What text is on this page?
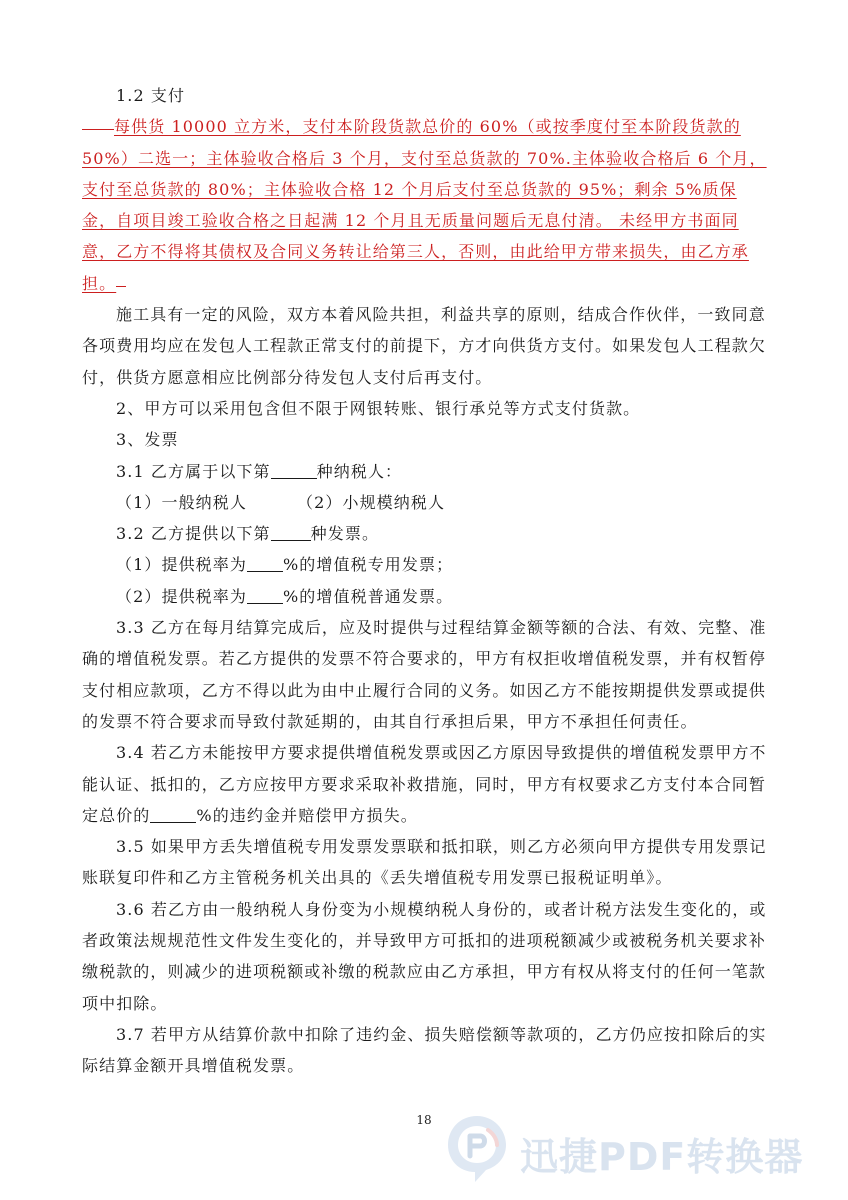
1.2 支付

每供货 10000 立方米，支付本阶段货款总价的 60%（或按季度付至本阶段货款的 50%）二选一；主体验收合格后 3 个月，支付至总货款的 70%.主体验收合格后 6 个月，支付至总货款的 80%；主体验收合格 12 个月后支付至总货款的 95%；剩余 5%质保金，自项目竣工验收合格之日起满 12 个月且无质量问题后无息付清。 未经甲方书面同意，乙方不得将其债权及合同义务转让给第三人，否则，由此给甲方带来损失，由乙方承担。

施工具有一定的风险，双方本着风险共担，利益共享的原则，结成合作伙伴，一致同意各项费用均应在发包人工程款正常支付的前提下，方才向供货方支付。如果发包人工程款欠付，供货方愿意相应比例部分待发包人支付后再支付。

2、甲方可以采用包含但不限于网银转账、银行承兑等方式支付货款。

3、发票

3.1 乙方属于以下第	种纳税人：

（1）一般纳税人	（2）小规模纳税人

3.2 乙方提供以下第	种发票。

（1）提供税率为 %的增值税专用发票；

（2）提供税率为 %的增值税普通发票。

3.3 乙方在每月结算完成后，应及时提供与过程结算金额等额的合法、有效、完整、准确的增值税发票。若乙方提供的发票不符合要求的，甲方有权拒收增值税发票，并有权暂停支付相应款项，乙方不得以此为由中止履行合同的义务。如因乙方不能按期提供发票或提供的发票不符合要求而导致付款延期的，由其自行承担后果，甲方不承担任何责任。

3.4 若乙方未能按甲方要求提供增值税发票或因乙方原因导致提供的增值税发票甲方不能认证、抵扣的，乙方应按甲方要求采取补救措施，同时，甲方有权要求乙方支付本合同暂定总价的	%的违约金并赔偿甲方损失。

3.5 如果甲方丢失增值税专用发票发票联和抵扣联，则乙方必须向甲方提供专用发票记账联复印件和乙方主管税务机关出具的《丢失增值税专用发票已报税证明单》。

3.6 若乙方由一般纳税人身份变为小规模纳税人身份的，或者计税方法发生变化的，或者政策法规规范性文件发生变化的，并导致甲方可抵扣的进项税额减少或被税务机关要求补缴税款的，则减少的进项税额或补缴的税款应由乙方承担，甲方有权从将支付的任何一笔款项中扣除。

3.7 若甲方从结算价款中扣除了违约金、损失赔偿额等款项的，乙方仍应按扣除后的实际结算金额开具增值税发票。

18
迅捷PDF转换器
